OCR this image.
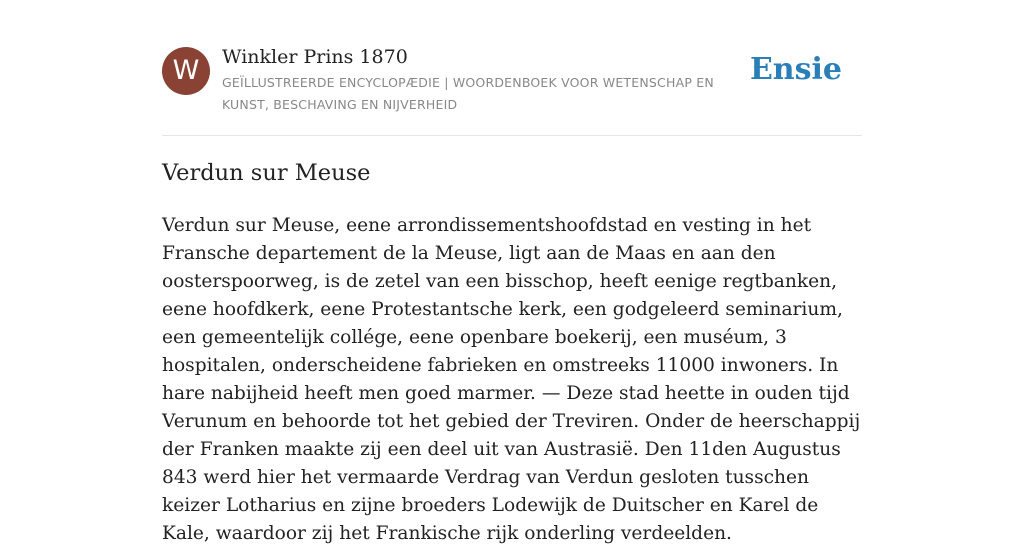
W	Winkler Prins 1870
GEÏLLUSTREERDE ENCYCLOPÆDIE | WOORDENBOEK VOOR WETENSCHAP EN KUNST, BESCHAVING EN NIJVERHEID
Ensie
Verdun sur Meuse

Verdun sur Meuse, eene arrondissementshoofdstad en vesting in het Fransche departement de la Meuse, ligt aan de Maas en aan den oosterspoorweg, is de zetel van een bisschop, heeft eenige regtbanken, eene hoofdkerk, eene Protestantsche kerk, een godgeleerd seminarium, een gemeentelijk collége, eene openbare boekerij, een muséum, 3 hospitalen, onderscheidene fabrieken en omstreeks 11000 inwoners. In hare nabijheid heeft men goed marmer. — Deze stad heette in ouden tijd Verunum en behoorde tot het gebied der Treviren. Onder de heerschappij der Franken maakte zij een deel uit van Austrasië. Den 11den Augustus 843 werd hier het vermaarde Verdrag van Verdun gesloten tusschen keizer Lotharius en zijne broeders Lodewijk de Duitscher en Karel de Kale, waardoor zij het Frankische rijk onderling verdeelden.
